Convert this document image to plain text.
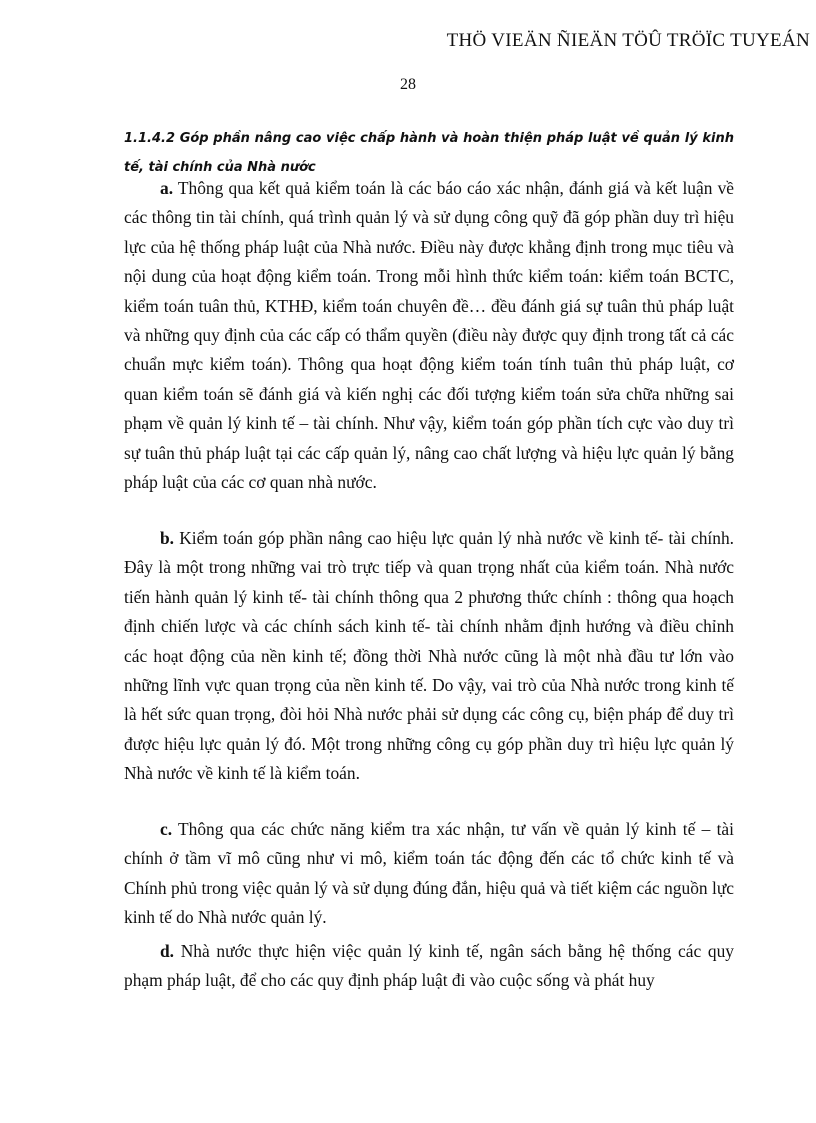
THÖ VIEÄN ÑIEÄN TÖÛ TRÖÏC TUYEÁN
28
1.1.4.2 Góp phần nâng cao việc chấp hành và hoàn thiện pháp luật về quản lý kinh tế, tài chính của Nhà nước

a. Thông qua kết quả kiểm toán là các báo cáo xác nhận, đánh giá và kết luận về các thông tin tài chính, quá trình quản lý và sử dụng công quỹ đã góp phần duy trì hiệu lực của hệ thống pháp luật của Nhà nước. Điều này được khẳng định trong mục tiêu và nội dung của hoạt động kiểm toán. Trong mỗi hình thức kiểm toán: kiểm toán BCTC, kiểm toán tuân thủ, KTHĐ, kiểm toán chuyên đề… đều đánh giá sự tuân thủ pháp luật và những quy định của các cấp có thẩm quyền (điều này được quy định trong tất cả các chuẩn mực kiểm toán). Thông qua hoạt động kiểm toán tính tuân thủ pháp luật, cơ quan kiểm toán sẽ đánh giá và kiến nghị các đối tượng kiểm toán sửa chữa những sai phạm về quản lý kinh tế – tài chính. Như vậy, kiểm toán góp phần tích cực vào duy trì sự tuân thủ pháp luật tại các cấp quản lý, nâng cao chất lượng và hiệu lực quản lý bằng pháp luật của các cơ quan nhà nước.

b. Kiểm toán góp phần nâng cao hiệu lực quản lý nhà nước về kinh tế- tài chính. Đây là một trong những vai trò trực tiếp và quan trọng nhất của kiểm toán. Nhà nước tiến hành quản lý kinh tế- tài chính thông qua 2 phương thức chính : thông qua hoạch định chiến lược và các chính sách kinh tế- tài chính nhằm định hướng và điều chỉnh các hoạt động của nền kinh tế; đồng thời Nhà nước cũng là một nhà đầu tư lớn vào những lĩnh vực quan trọng của nền kinh tế. Do vậy, vai trò của Nhà nước trong kinh tế là hết sức quan trọng, đòi hỏi Nhà nước phải sử dụng các công cụ, biện pháp để duy trì được hiệu lực quản lý đó. Một trong những công cụ góp phần duy trì hiệu lực quản lý Nhà nước về kinh tế là kiểm toán.

c. Thông qua các chức năng kiểm tra xác nhận, tư vấn về quản lý kinh tế – tài chính ở tầm vĩ mô cũng như vi mô, kiểm toán tác động đến các tổ chức kinh tế và Chính phủ trong việc quản lý và sử dụng đúng đắn, hiệu quả và tiết kiệm các nguồn lực kinh tế do Nhà nước quản lý.

d. Nhà nước thực hiện việc quản lý kinh tế, ngân sách bằng hệ thống các quy phạm pháp luật, để cho các quy định pháp luật đi vào cuộc sống và phát huy
